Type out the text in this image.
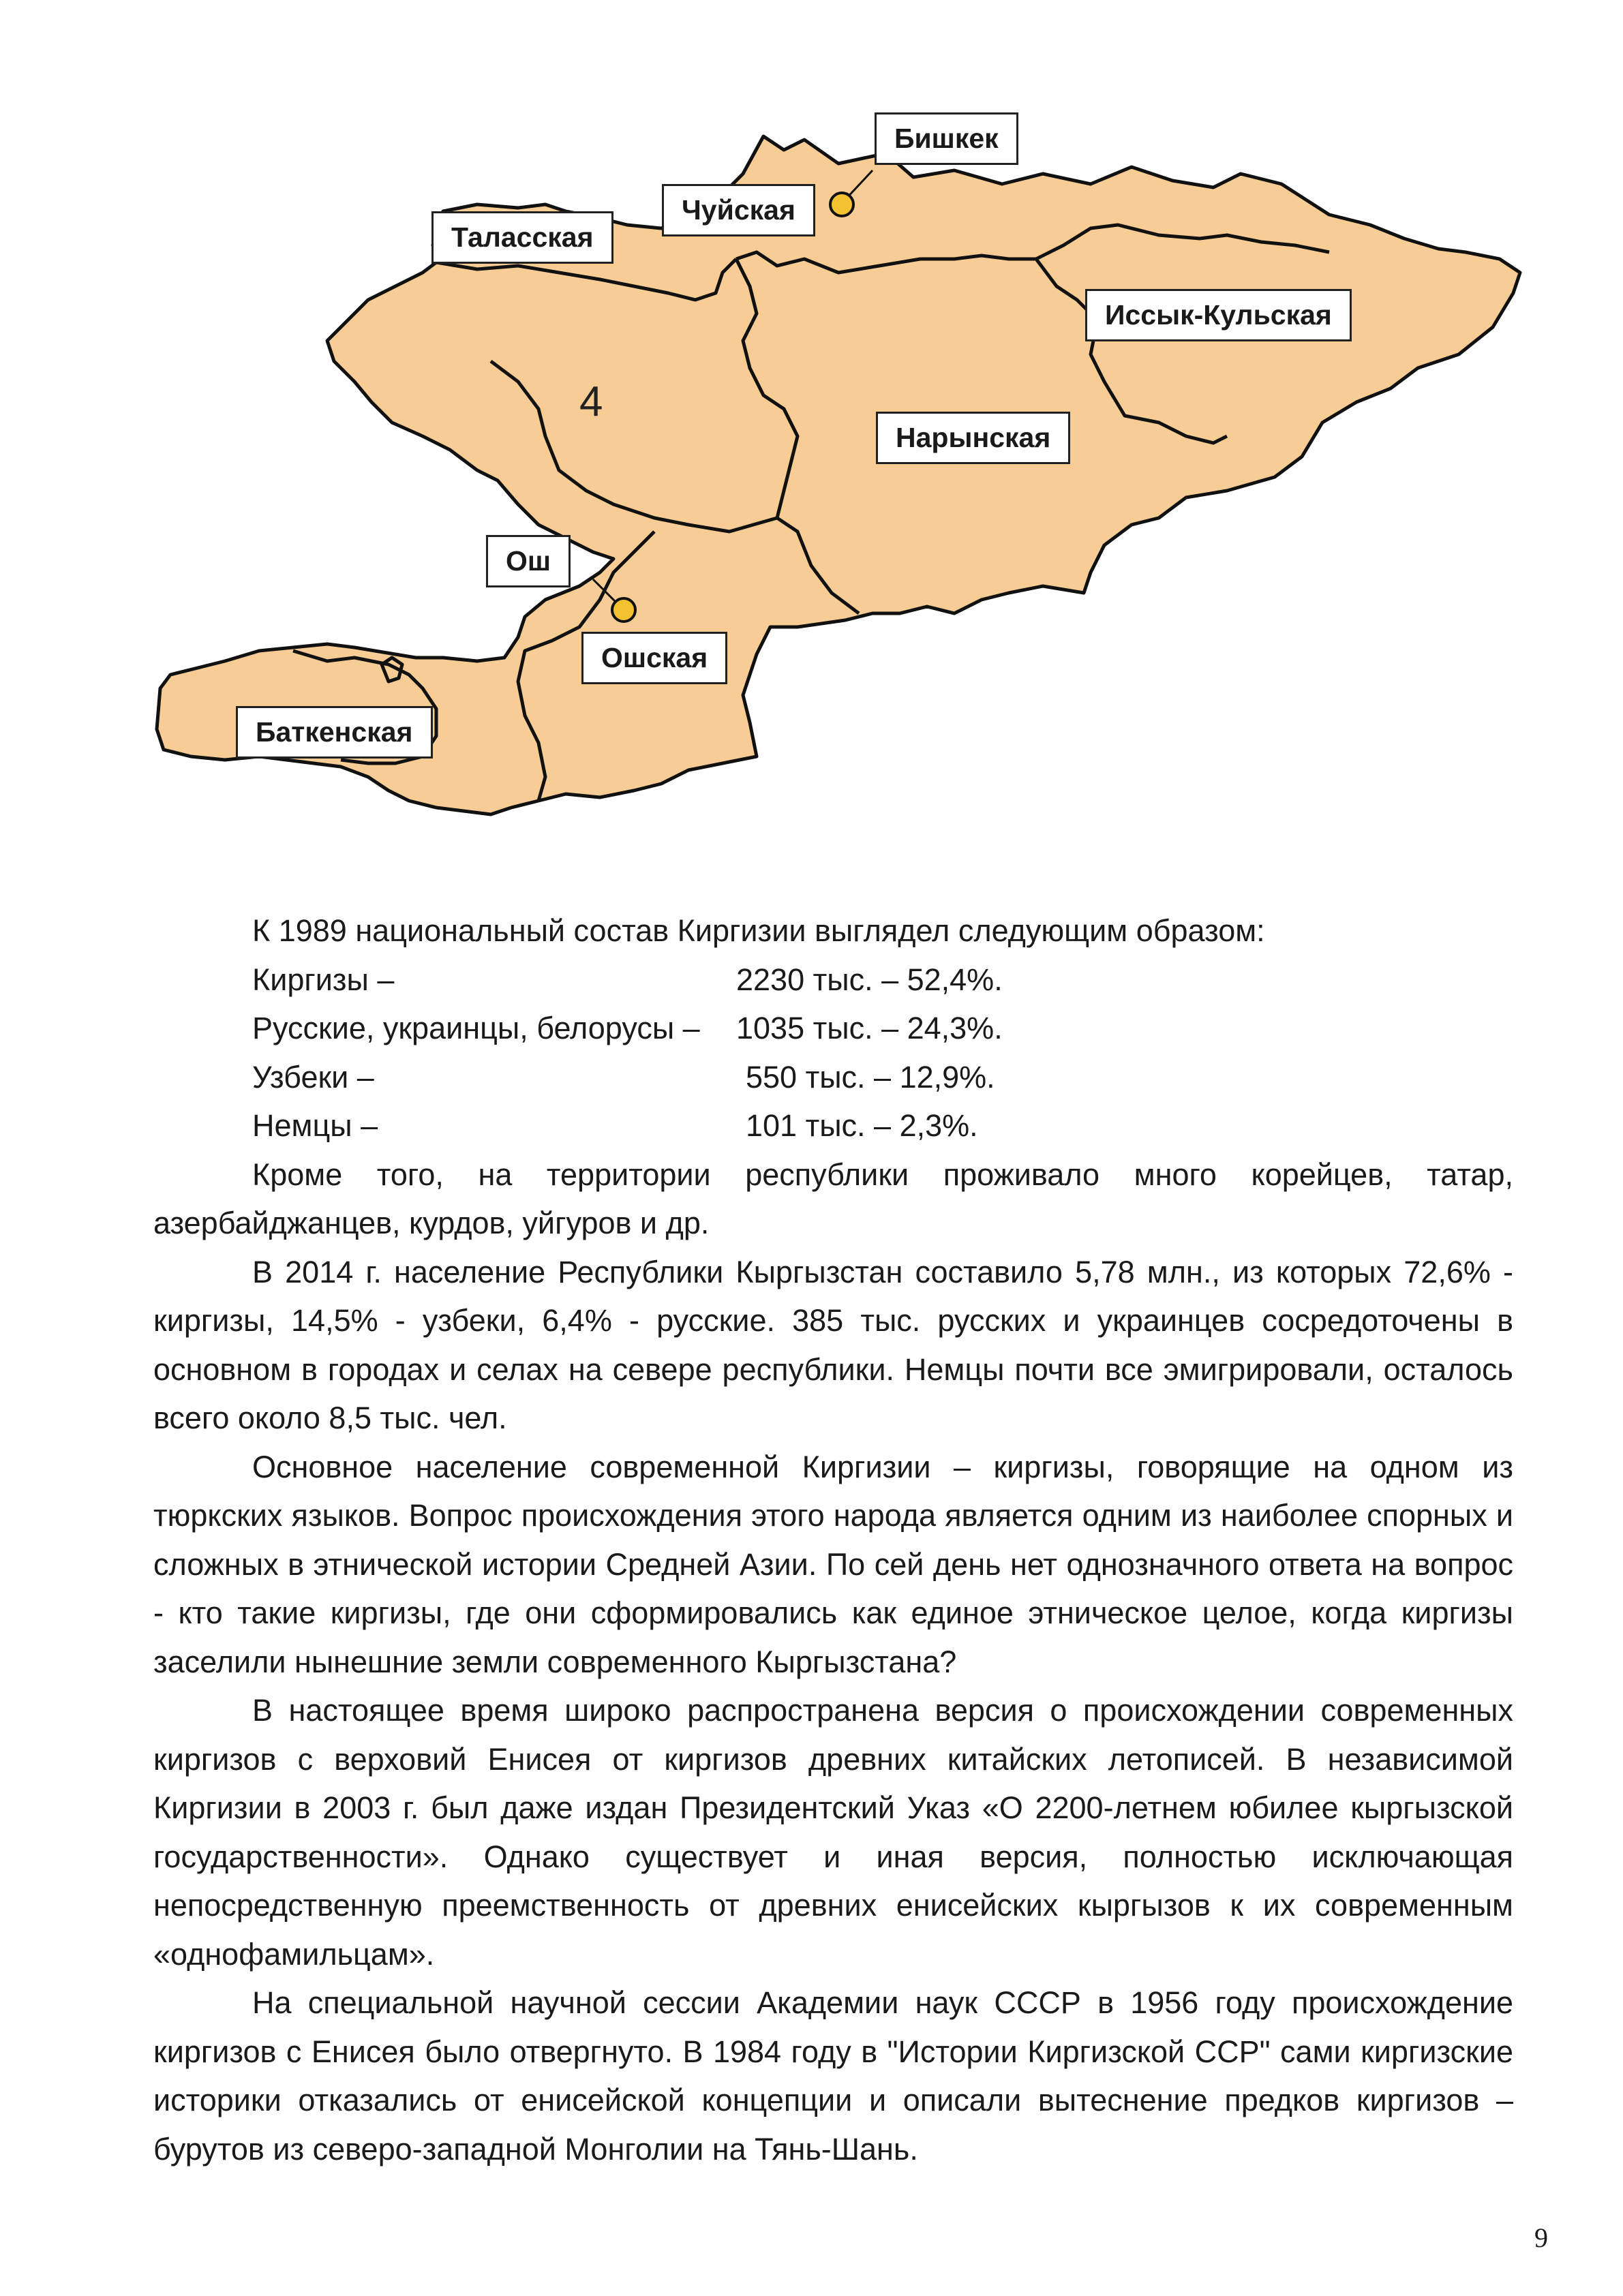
4
Бишкек
Чуйская
Таласская
Иссык-Кульская
Нарынская
Ош
Ошская
Баткенская

К 1989 национальный состав Киргизии выглядел следующим образом:

Киргизы –	2230 тыс. – 52,4%.
Русские, украинцы, белорусы –	1035 тыс. – 24,3%.
Узбеки –	550 тыс. – 12,9%.
Немцы –	101 тыс. – 2,3%.

Кроме того, на территории республики проживало много корейцев, татар, азербайджанцев, курдов, уйгуров и др.

В 2014 г. население Республики Кыргызстан составило 5,78 млн., из которых 72,6% - киргизы, 14,5% - узбеки, 6,4% - русские. 385 тыс. русских и украинцев сосредоточены в основном в городах и селах на севере республики. Немцы почти все эмигрировали, осталось всего около 8,5 тыс. чел.

Основное население современной Киргизии – киргизы, говорящие на одном из тюркских языков. Вопрос происхождения этого народа является одним из наиболее спорных и сложных в этнической истории Средней Азии. По сей день нет однозначного ответа на вопрос - кто такие киргизы, где они сформировались как единое этническое целое, когда киргизы заселили нынешние земли современного Кыргызстана?

В настоящее время широко распространена версия о происхождении современных киргизов с верховий Енисея от киргизов древних китайских летописей. В независимой Киргизии в 2003 г. был даже издан Президентский Указ «О 2200-летнем юбилее кыргызской государственности». Однако существует и иная версия, полностью исключающая непосредственную преемственность от древних енисейских кыргызов к их современным «однофамильцам».

На специальной научной сессии Академии наук СССР в 1956 году происхождение киргизов с Енисея было отвергнуто. В 1984 году в "Истории Киргизской ССР" сами киргизские историки отказались от енисейской концепции и описали вытеснение предков киргизов – бурутов из северо-западной Монголии на Тянь-Шань.

9
